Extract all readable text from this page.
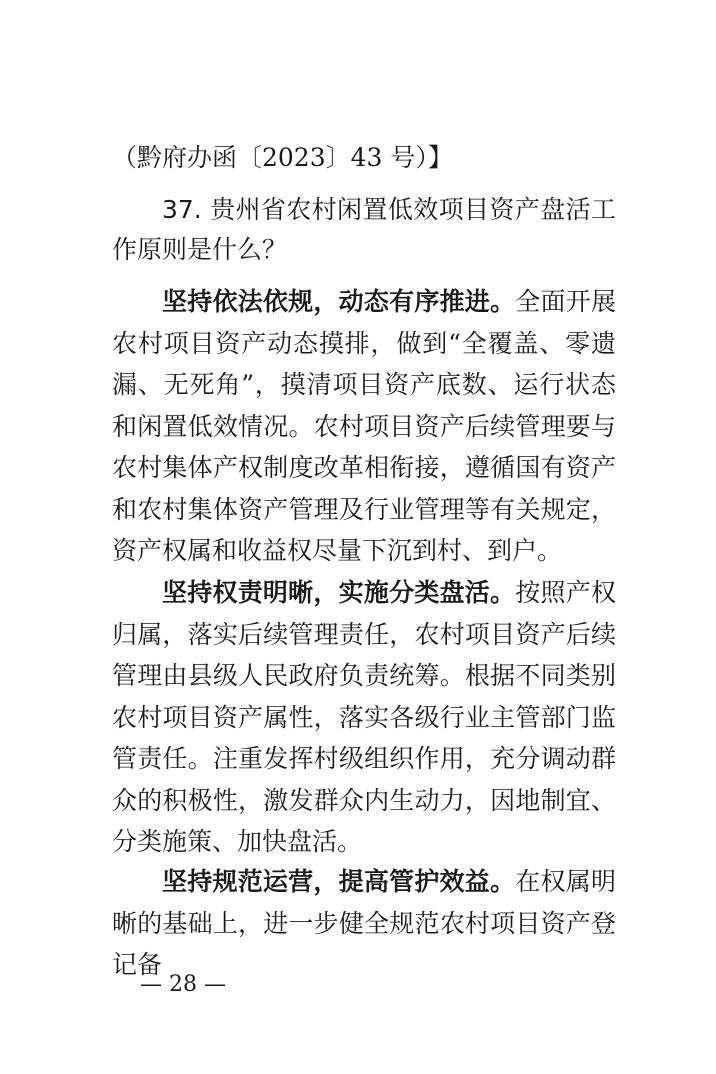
（黔府办函〔2023〕43 号）】
37. 贵州省农村闲置低效项目资产盘活工作原则是什么？

坚持依法依规，动态有序推进。全面开展农村项目资产动态摸排，做到“全覆盖、零遗漏、无死角”，摸清项目资产底数、运行状态和闲置低效情况。农村项目资产后续管理要与农村集体产权制度改革相衔接，遵循国有资产和农村集体资产管理及行业管理等有关规定，资产权属和收益权尽量下沉到村、到户。

坚持权责明晰，实施分类盘活。按照产权归属，落实后续管理责任，农村项目资产后续管理由县级人民政府负责统筹。根据不同类别农村项目资产属性，落实各级行业主管部门监管责任。注重发挥村级组织作用，充分调动群众的积极性，激发群众内生动力，因地制宜、分类施策、加快盘活。

坚持规范运营，提高管护效益。在权属明晰的基础上，进一步健全规范农村项目资产登记备

— 28 —
